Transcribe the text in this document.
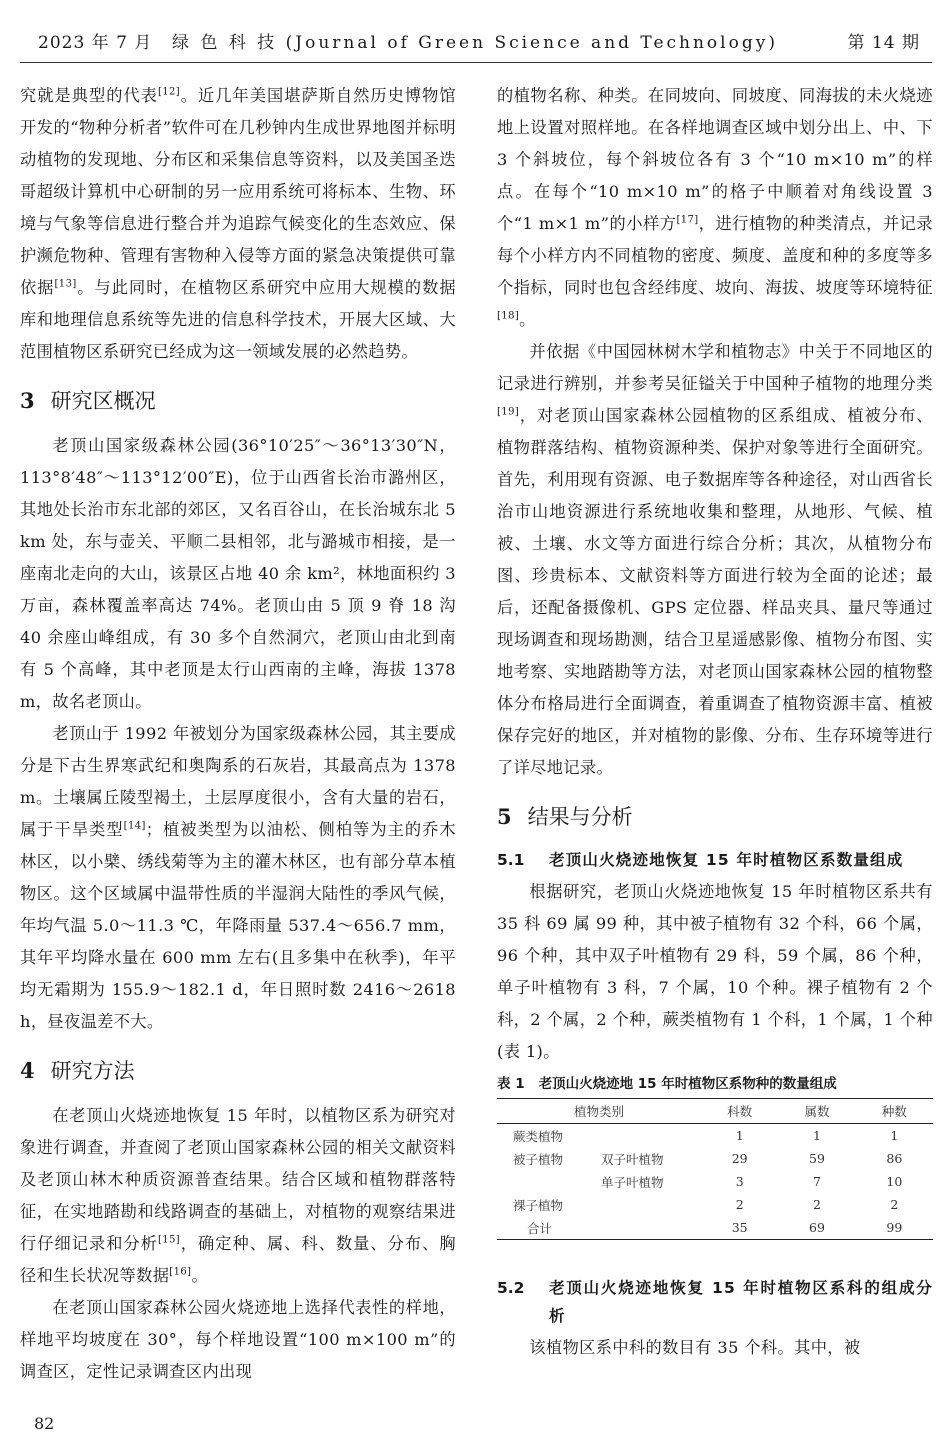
绿 色 科 技 (Journal of Green Science and Technology)
2023 年 7 月	第 14 期

究就是典型的代表[12]。近几年美国堪萨斯自然历史博物馆开发的“物种分析者”软件可在几秒钟内生成世界地图并标明动植物的发现地、分布区和采集信息等资料，以及美国圣迭哥超级计算机中心研制的另一应用系统可将标本、生物、环境与气象等信息进行整合并为追踪气候变化的生态效应、保护濒危物种、管理有害物种入侵等方面的紧急决策提供可靠依据[13]。与此同时，在植物区系研究中应用大规模的数据库和地理信息系统等先进的信息科学技术，开展大区域、大范围植物区系研究已经成为这一领域发展的必然趋势。

3 研究区概况

老顶山国家级森林公园(36°10′25″～36°13′30″N，113°8′48″～113°12′00″E)，位于山西省长治市潞州区，其地处长治市东北部的郊区，又名百谷山，在长治城东北 5 km 处，东与壶关、平顺二县相邻，北与潞城市相接，是一座南北走向的大山，该景区占地 40 余 km²，林地面积约 3 万亩，森林覆盖率高达 74%。老顶山由 5 顶 9 脊 18 沟 40 余座山峰组成，有 30 多个自然洞穴，老顶山由北到南有 5 个高峰，其中老顶是太行山西南的主峰，海拔 1378 m，故名老顶山。

老顶山于 1992 年被划分为国家级森林公园，其主要成分是下古生界寒武纪和奥陶系的石灰岩，其最高点为 1378 m。土壤属丘陵型褐土，土层厚度很小，含有大量的岩石，属于干旱类型[14]；植被类型为以油松、侧柏等为主的乔木林区，以小檗、绣线菊等为主的灌木林区，也有部分草本植物区。这个区域属中温带性质的半湿润大陆性的季风气候，年均气温 5.0～11.3 ℃，年降雨量 537.4～656.7 mm，其年平均降水量在 600 mm 左右(且多集中在秋季)，年平均无霜期为 155.9～182.1 d，年日照时数 2416～2618 h，昼夜温差不大。

4 研究方法

在老顶山火烧迹地恢复 15 年时，以植物区系为研究对象进行调查，并查阅了老顶山国家森林公园的相关文献资料及老顶山林木种质资源普查结果。结合区域和植物群落特征，在实地踏勘和线路调查的基础上，对植物的观察结果进行仔细记录和分析[15]，确定种、属、科、数量、分布、胸径和生长状况等数据[16]。

在老顶山国家森林公园火烧迹地上选择代表性的样地，样地平均坡度在 30°，每个样地设置“100 m×100 m”的调查区，定性记录调查区内出现

的植物名称、种类。在同坡向、同坡度、同海拔的未火烧迹地上设置对照样地。在各样地调查区域中划分出上、中、下 3 个斜坡位，每个斜坡位各有 3 个“10 m×10 m”的样点。在每个“10 m×10 m”的格子中顺着对角线设置 3 个“1 m×1 m”的小样方[17]，进行植物的种类清点，并记录每个小样方内不同植物的密度、频度、盖度和种的多度等多个指标，同时也包含经纬度、坡向、海拔、坡度等环境特征[18]。

并依据《中国园林树木学和植物志》中关于不同地区的记录进行辨别，并参考吴征镒关于中国种子植物的地理分类[19]，对老顶山国家森林公园植物的区系组成、植被分布、植物群落结构、植物资源种类、保护对象等进行全面研究。首先，利用现有资源、电子数据库等各种途径，对山西省长治市山地资源进行系统地收集和整理，从地形、气候、植被、土壤、水文等方面进行综合分析；其次，从植物分布图、珍贵标本、文献资料等方面进行较为全面的论述；最后，还配备摄像机、GPS 定位器、样品夹具、量尺等通过现场调查和现场勘测，结合卫星遥感影像、植物分布图、实地考察、实地踏勘等方法，对老顶山国家森林公园的植物整体分布格局进行全面调查，着重调查了植物资源丰富、植被保存完好的地区，并对植物的影像、分布、生存环境等进行了详尽地记录。

5 结果与分析
5.1	老顶山火烧迹地恢复 15 年时植物区系数量组成

根据研究，老顶山火烧迹地恢复 15 年时植物区系共有 35 科 69 属 99 种，其中被子植物有 32 个科，66 个属，96 个种，其中双子叶植物有 29 科，59 个属，86 个种，单子叶植物有 3 科，7 个属，10 个种。裸子植物有 2 个科，2 个属，2 个种，蕨类植物有 1 个科，1 个属，1 个种(表 1)。

表 1 老顶山火烧迹地 15 年时植物区系物种的数量组成
植物类别		科数	属数	种数
蕨类植物		1	1	1
被子植物	双子叶植物	29	59	86
	单子叶植物	3	7	10
裸子植物		2	2	2
合计		35	69	99
5.2	老顶山火烧迹地恢复 15 年时植物区系科的组成分析

该植物区系中科的数目有 35 个科。其中，被

82
